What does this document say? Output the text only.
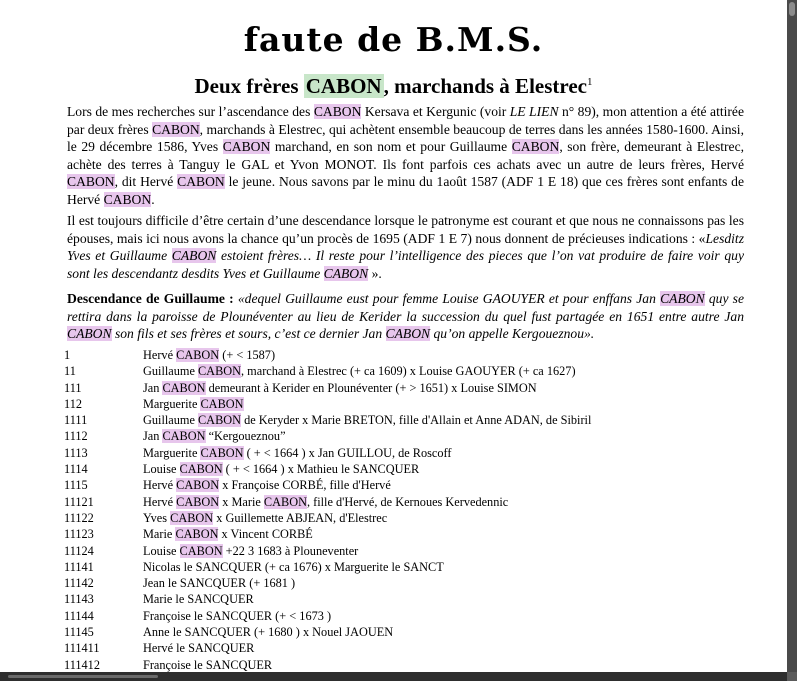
faute de B.M.S.
Deux frères CABON, marchands à Elestrec$^1$

Lors de mes recherches sur l’ascendance des CABON Kersava et Kergunic (voir LE LIEN n° 89), mon attention a été attirée par deux frères CABON, marchands à Elestrec, qui achètent ensemble beaucoup de terres dans les années 1580-1600. Ainsi, le 29 décembre 1586, Yves CABON marchand, en son nom et pour Guillaume CABON, son frère, demeurant à Elestrec, achète des terres à Tanguy le GAL et Yvon MONOT. Ils font parfois ces achats avec un autre de leurs frères, Hervé CABON, dit Hervé CABON le jeune. Nous savons par le minu du 1août 1587 (ADF 1 E 18) que ces frères sont enfants de Hervé CABON.

Il est toujours difficile d’être certain d’une descendance lorsque le patronyme est courant et que nous ne connaissons pas les épouses, mais ici nous avons la chance qu’un procès de 1695 (ADF 1 E 7) nous donnent de précieuses indications : «Lesditz Yves et Guillaume CABON estoient frères… Il reste pour l’intelligence des pieces que l’on vat produire de faire voir quy sont les descendantz desdits Yves et Guillaume CABON ».

Descendance de Guillaume : «dequel Guillaume eust pour femme Louise GAOUYER et pour enffans Jan CABON quy se rettira dans la paroisse de Plounéventer au lieu de Kerider la succession du quel fust partagée en 1651 entre autre Jan CABON son fils et ses frères et sours, c’est ce dernier Jan CABON qu’on appelle Kergoueznou».

1	Hervé CABON (+ < 1587)
11	Guillaume CABON, marchand à Elestrec (+ ca 1609) x Louise GAOUYER (+ ca 1627)
111	Jan CABON demeurant à Kerider en Plounéventer (+ > 1651) x Louise SIMON
112	Marguerite CABON
1111	Guillaume CABON de Keryder x Marie BRETON, fille d'Allain et Anne ADAN, de Sibiril
1112	Jan CABON “Kergoueznou”
1113	Marguerite CABON ( + < 1664 ) x Jan GUILLOU, de Roscoff
1114	Louise CABON ( + < 1664 ) x Mathieu le SANCQUER
1115	Hervé CABON x Françoise CORBÉ, fille d'Hervé
11121	Hervé CABON x Marie CABON, fille d'Hervé, de Kernoues Kervedennic
11122	Yves CABON x Guillemette ABJEAN, d'Elestrec
11123	Marie CABON x Vincent CORBÉ
11124	Louise CABON +22 3 1683 à Plouneventer
11141	Nicolas le SANCQUER (+ ca 1676) x Marguerite le SANCT
11142	Jean le SANCQUER (+ 1681 )
11143	Marie le SANCQUER
11144	Françoise le SANCQUER (+ < 1673 )
11145	Anne le SANCQUER (+ 1680 ) x Nouel JAOUEN
111411	Hervé le SANCQUER
111412	Françoise le SANCQUER
